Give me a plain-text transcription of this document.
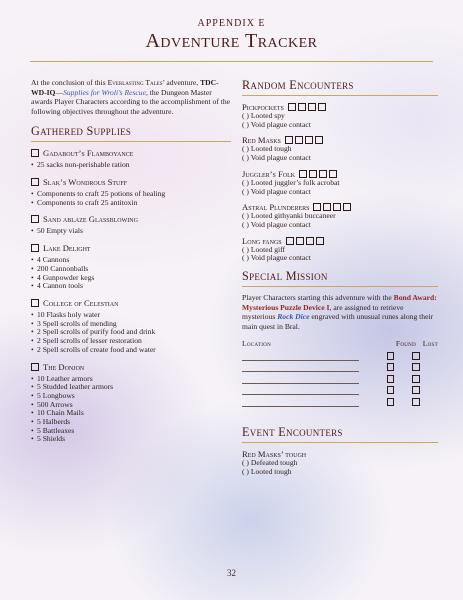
APPENDIX E
Adventure Tracker

At the conclusion of this Everlasting Tales’ adventure, TDC-WD-IQ—Supplies for Wroli’s Rescue, the Dungeon Master awards Player Characters according to the accomplishment of the following objectives throughout the adventure.

Gathered Supplies
Gadabout’s Flamboyance
• 25 sacks non-perishable ration
Slak’s Wondrous Stuff
• Components to craft 25 potions of healing
• Components to craft 25 antitoxin
Sand ablaze Glassblowing
• 50 Empty vials
Lake Delight
• 4 Cannons
• 200 Cannonballs
• 4 Gunpowder kegs
• 4 Cannon tools
College of Celestian
• 10 Flasks holy water
• 3 Spell scrolls of mending
• 2 Spell scrolls of purify food and drink
• 2 Spell scrolls of lesser restoration
• 2 Spell scrolls of create food and water
The Donjon
• 10 Leather armors
• 5 Studded leather armors
• 5 Longbows
• 500 Arrows
• 10 Chain Mails
• 5 Halberds
• 5 Battleaxes
• 5 Shields
Random Encounters
Pickpockets
( ) Looted spy
( ) Void plague contact
Red Masks
( ) Looted tough
( ) Void plague contact
Juggler’s Folk
( ) Looted juggler’s folk acrobat
( ) Void plague contact
Astral Plunderers
( ) Looted githyanki buccaneer
( ) Void plague contact
Long fangs
( ) Looted giff
( ) Void plague contact
Special Mission

Player Characters starting this adventure with the Bond Award: Mysterious Puzzle Device I, are assigned to retrieve mysterious Rock Dice engraved with unusual runes along their main quest in Bral.

Location	Found Lost
Event Encounters
Red Masks’ tough
( ) Defeated tough
( ) Looted tough
32
